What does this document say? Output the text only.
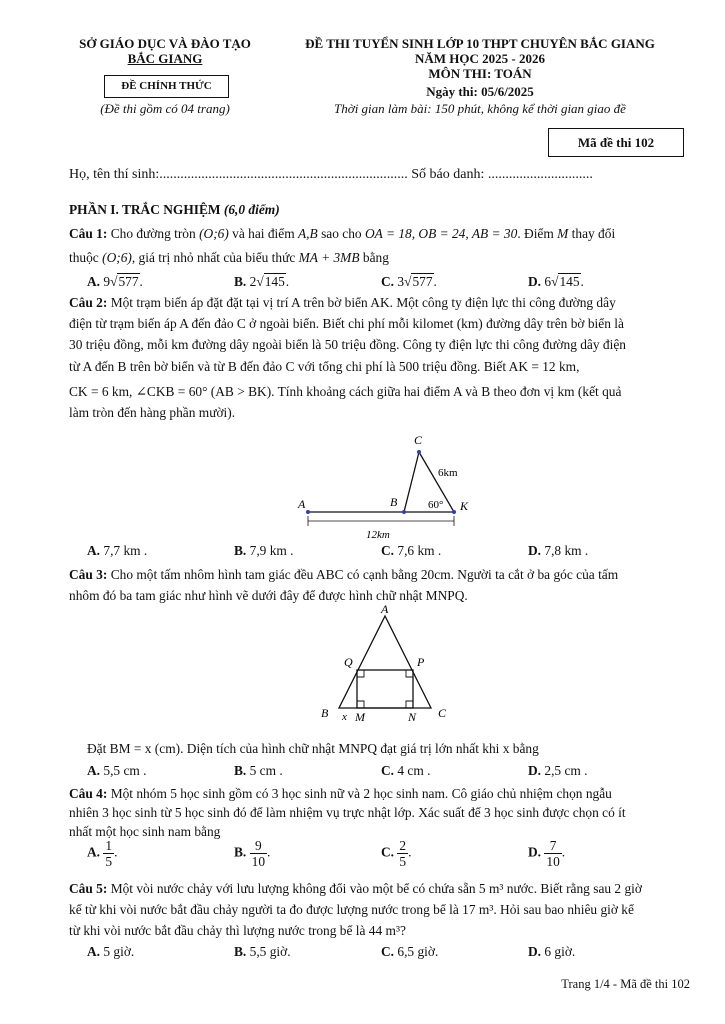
SỞ GIÁO DỤC VÀ ĐÀO TẠO
BẮC GIANG
ĐỀ CHÍNH THỨC
(Đề thi gồm có 04 trang)
ĐỀ THI TUYỂN SINH LỚP 10 THPT CHUYÊN BẮC GIANG
NĂM HỌC 2025 - 2026
MÔN THI: TOÁN
Ngày thi: 05/6/2025
Thời gian làm bài: 150 phút, không kể thời gian giao đề
Mã đề thi 102
Họ, tên thí sinh:....................................................................... Số báo danh: ..............................
PHẦN I. TRẮC NGHIỆM (6,0 điểm)
Câu 1: Cho đường tròn (O;6) và hai điểm A,B sao cho OA = 18, OB = 24, AB = 30. Điểm M thay đổi
thuộc (O;6), giá trị nhỏ nhất của biểu thức MA + 3MB bằng
A. 9√577.	B. 2√145.	C. 3√577.	D. 6√145.
Câu 2: Một trạm biến áp đặt đặt tại vị trí A trên bờ biển AK. Một công ty điện lực thi công đường dây
điện từ trạm biến áp A đến đảo C ở ngoài biển. Biết chi phí mỗi kilomet (km) đường dây trên bờ biển là
30 triệu đồng, mỗi km đường dây ngoài biển là 50 triệu đồng. Công ty điện lực thi công đường dây điện
từ A đến B trên bờ biển và từ B đến đảo C với tổng chi phí là 500 triệu đồng. Biết AK = 12 km,
CK = 6 km, ∠CKB = 60° (AB > BK). Tính khoảng cách giữa hai điểm A và B theo đơn vị km (kết quả
làm tròn đến hàng phần mười).
A	B
C
K
6km
60°
12km
A. 7,7 km .	B. 7,9 km .	C. 7,6 km .	D. 7,8 km .
Câu 3: Cho một tấm nhôm hình tam giác đều ABC có cạnh bằng 20cm. Người ta cắt ở ba góc của tấm
nhôm đó ba tam giác như hình vẽ dưới đây để được hình chữ nhật MNPQ.
A
B	C
Q	P
x M	N
Đặt BM = x (cm). Diện tích của hình chữ nhật MNPQ đạt giá trị lớn nhất khi x bằng
A. 5,5 cm .	B. 5 cm .	C. 4 cm .	D. 2,5 cm .
Câu 4: Một nhóm 5 học sinh gồm có 3 học sinh nữ và 2 học sinh nam. Cô giáo chủ nhiệm chọn ngẫu
nhiên 3 học sinh từ 5 học sinh đó để làm nhiệm vụ trực nhật lớp. Xác suất để 3 học sinh được chọn có ít
nhất một học sinh nam bằng
A. $\frac{1}{5}$ .	B. $\frac{9}{10}$ .	C. $\frac{2}{5}$ .	D. $\frac{7}{10}$ .
Câu 5: Một vòi nước chảy với lưu lượng không đổi vào một bể có chứa sẵn 5 m³ nước. Biết rằng sau 2 giờ
kể từ khi vòi nước bắt đầu chảy người ta đo được lượng nước trong bể là 17 m³. Hỏi sau bao nhiêu giờ kể
từ khi vòi nước bắt đầu chảy thì lượng nước trong bể là 44 m³?
A. 5 giờ.	B. 5,5 giờ.	C. 6,5 giờ.	D. 6 giờ.
Trang 1/4 - Mã đề thi 102
